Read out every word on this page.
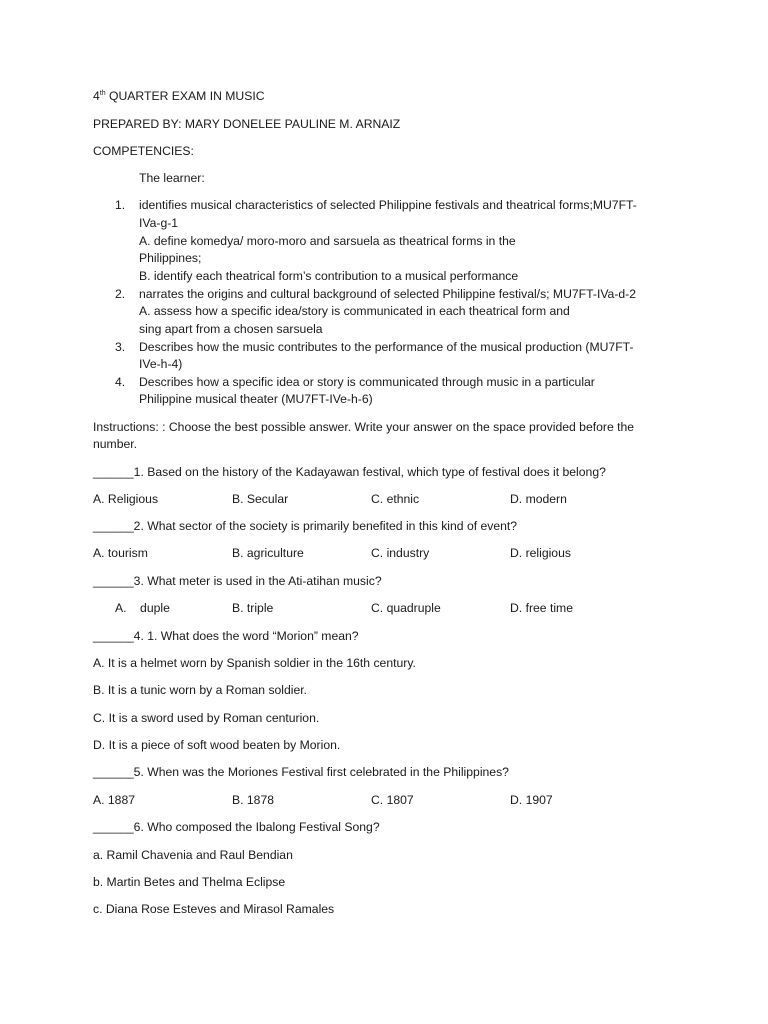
4th QUARTER EXAM IN MUSIC
PREPARED BY: MARY DONELEE PAULINE M. ARNAIZ
COMPETENCIES:
The learner:
1. identifies musical characteristics of selected Philippine festivals and theatrical forms;MU7FT-
IVa-g-1
A. define komedya/ moro-moro and sarsuela as theatrical forms in the
Philippines;
B. identify each theatrical form’s contribution to a musical performance
2. narrates the origins and cultural background of selected Philippine festival/s; MU7FT-IVa-d-2
A. assess how a specific idea/story is communicated in each theatrical form and
sing apart from a chosen sarsuela
3. Describes how the music contributes to the performance of the musical production (MU7FT-
IVe-h-4)
4. Describes how a specific idea or story is communicated through music in a particular
Philippine musical theater (MU7FT-IVe-h-6)
Instructions: : Choose the best possible answer. Write your answer on the space provided before the
number.
______1. Based on the history of the Kadayawan festival, which type of festival does it belong?
A. Religious	B. Secular	C. ethnic	D. modern
______2. What sector of the society is primarily benefited in this kind of event?
A. tourism	B. agriculture	C. industry	D. religious
______3. What meter is used in the Ati-atihan music?
A.    duple	B. triple	C. quadruple	D. free time
______4. 1. What does the word “Morion” mean?
A. It is a helmet worn by Spanish soldier in the 16th century.
B. It is a tunic worn by a Roman soldier.
C. It is a sword used by Roman centurion.
D. It is a piece of soft wood beaten by Morion.
______5. When was the Moriones Festival first celebrated in the Philippines?
A. 1887	B. 1878	C. 1807	D. 1907
______6. Who composed the Ibalong Festival Song?
a. Ramil Chavenia and Raul Bendian
b. Martin Betes and Thelma Eclipse
c. Diana Rose Esteves and Mirasol Ramales
